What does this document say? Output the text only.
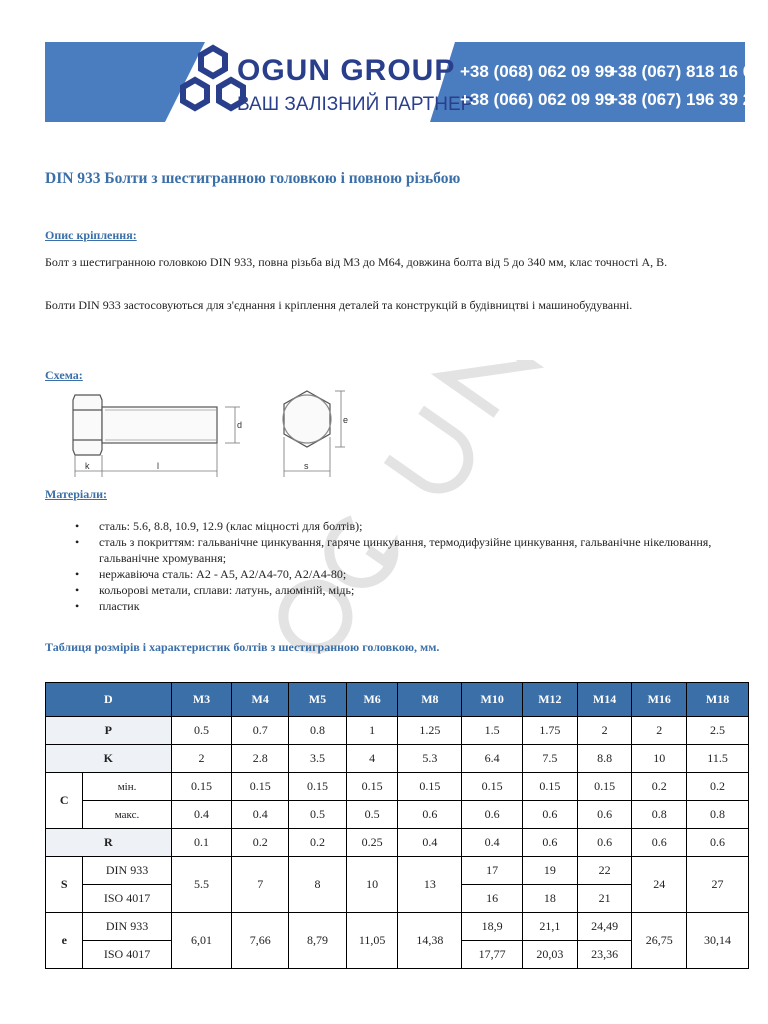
OGUN GROUP
ВАШ ЗАЛІЗНИЙ ПАРТНЕР
+38 (068) 062 09 99
+38 (067) 818 16 07
+38 (066) 062 09 99
+38 (067) 196 39 22
DIN 933 Болти з шестигранною головкою і повною різьбою
Опис кріплення:
Болт з шестигранною головкою DIN 933, повна різьба від M3 до M64, довжина болта від 5 до 340 мм, клас точності A, B.
Болти DIN 933 застосовуються для з'єднання і кріплення деталей та конструкцій в будівництві і машинобудуванні.
Схема:
d
k	l
e
s
Матеріали:
• сталь: 5.6, 8.8, 10.9, 12.9 (клас міцності для болтів);
• сталь з покриттям: гальванічне цинкування, гаряче цинкування, термодифузійне цинкування, гальванічне нікелювання, гальванічне хромування;
• нержавіюча сталь: A2 - A5, A2/A4-70, A2/A4-80;
• кольорові метали, сплави: латунь, алюміній, мідь;
• пластик
Таблиця розмірів і характеристик болтів з шестигранною головкою, мм.
D		M3	M4	M5	M6	M8	M10	M12	M14	M16	M18
P		0.5	0.7	0.8	1	1.25	1.5	1.75	2	2	2.5
K		2	2.8	3.5	4	5.3	6.4	7.5	8.8	10	11.5
C	мін.	0.15	0.15	0.15	0.15	0.15	0.15	0.15	0.15	0.2	0.2
	макс.	0.4	0.4	0.5	0.5	0.6	0.6	0.6	0.6	0.8	0.8
R		0.1	0.2	0.2	0.25	0.4	0.4	0.6	0.6	0.6	0.6
S	DIN 933	5.5	7	8	10	13	17	19	22	24	27
	ISO 4017						16	18	21		
e	DIN 933	6,01	7,66	8,79	11,05	14,38	18,9	21,1	24,49	26,75	30,14
	ISO 4017						17,77	20,03	23,36		
